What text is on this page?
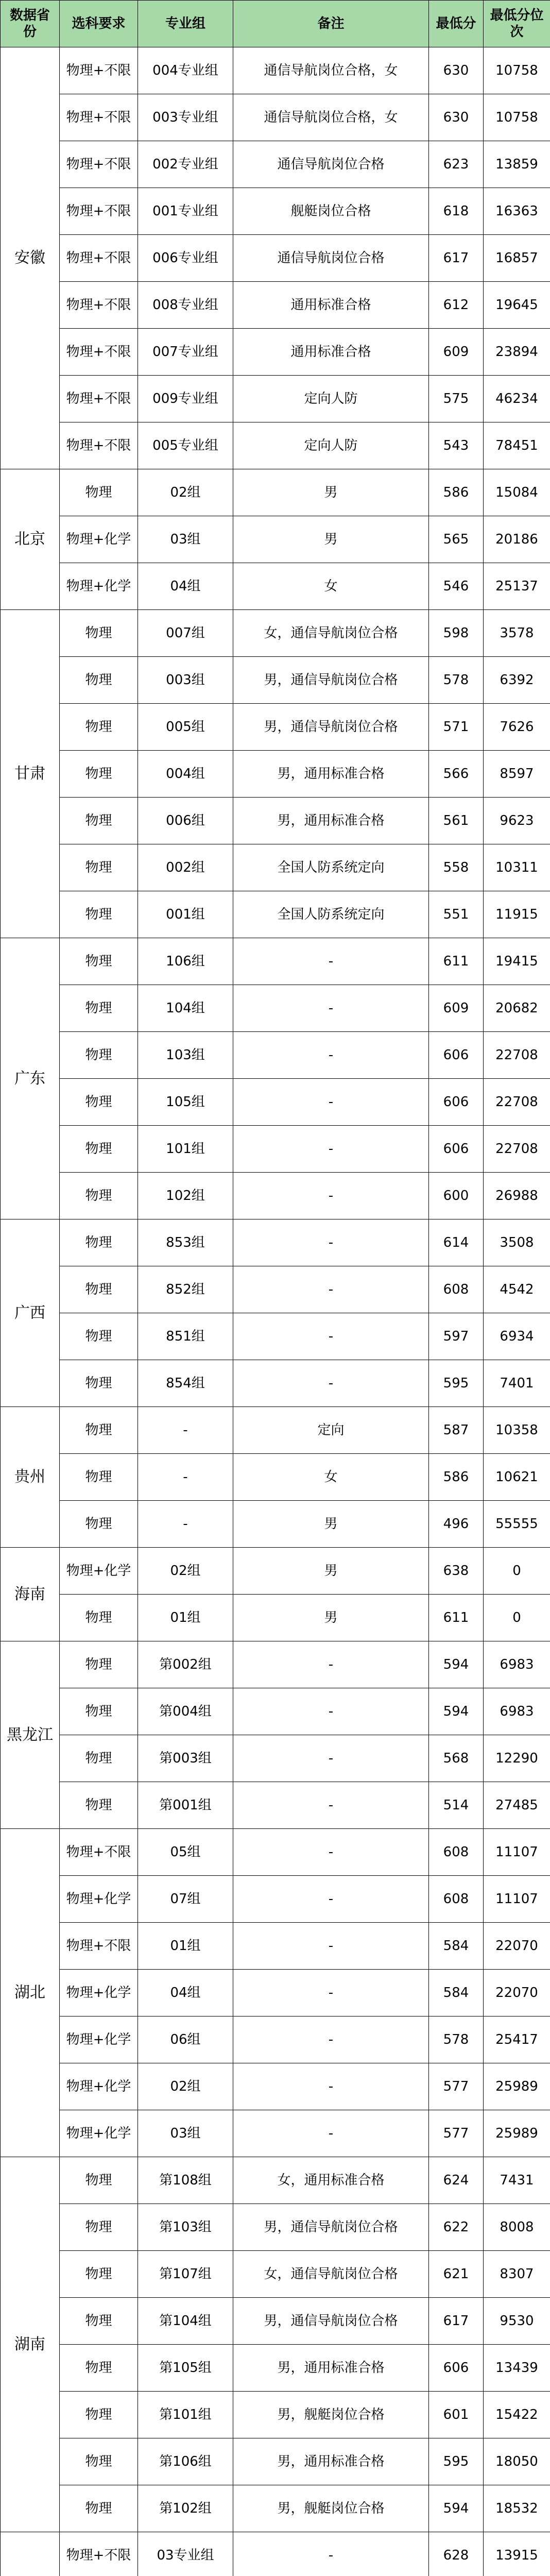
数据省份	选科要求	专业组	备注	最低分	最低分位次
安徽	物理+不限	004专业组	通信导航岗位合格，女	630	10758
	物理+不限	003专业组	通信导航岗位合格，女	630	10758
	物理+不限	002专业组	通信导航岗位合格	623	13859
	物理+不限	001专业组	舰艇岗位合格	618	16363
	物理+不限	006专业组	通信导航岗位合格	617	16857
	物理+不限	008专业组	通用标准合格	612	19645
	物理+不限	007专业组	通用标准合格	609	23894
	物理+不限	009专业组	定向人防	575	46234
	物理+不限	005专业组	定向人防	543	78451
北京	物理	02组	男	586	15084
	物理+化学	03组	男	565	20186
	物理+化学	04组	女	546	25137
甘肃	物理	007组	女，通信导航岗位合格	598	3578
	物理	003组	男，通信导航岗位合格	578	6392
	物理	005组	男，通信导航岗位合格	571	7626
	物理	004组	男，通用标准合格	566	8597
	物理	006组	男，通用标准合格	561	9623
	物理	002组	全国人防系统定向	558	10311
	物理	001组	全国人防系统定向	551	11915
广东	物理	106组	-	611	19415
	物理	104组	-	609	20682
	物理	103组	-	606	22708
	物理	105组	-	606	22708
	物理	101组	-	606	22708
	物理	102组	-	600	26988
广西	物理	853组	-	614	3508
	物理	852组	-	608	4542
	物理	851组	-	597	6934
	物理	854组	-	595	7401
贵州	物理	-	定向	587	10358
	物理	-	女	586	10621
	物理	-	男	496	55555
海南	物理+化学	02组	男	638	0
	物理	01组	男	611	0
黑龙江	物理	第002组	-	594	6983
	物理	第004组	-	594	6983
	物理	第003组	-	568	12290
	物理	第001组	-	514	27485
湖北	物理+不限	05组	-	608	11107
	物理+化学	07组	-	608	11107
	物理+不限	01组	-	584	22070
	物理+化学	04组	-	584	22070
	物理+化学	06组	-	578	25417
	物理+化学	02组	-	577	25989
	物理+化学	03组	-	577	25989
湖南	物理	第108组	女，通用标准合格	624	7431
	物理	第103组	男，通信导航岗位合格	622	8008
	物理	第107组	女，通信导航岗位合格	621	8307
	物理	第104组	男，通信导航岗位合格	617	9530
	物理	第105组	男，通用标准合格	606	13439
	物理	第101组	男，舰艇岗位合格	601	15422
	物理	第106组	男，通用标准合格	595	18050
	物理	第102组	男，舰艇岗位合格	594	18532
	物理+不限	03专业组	-	628	13915
